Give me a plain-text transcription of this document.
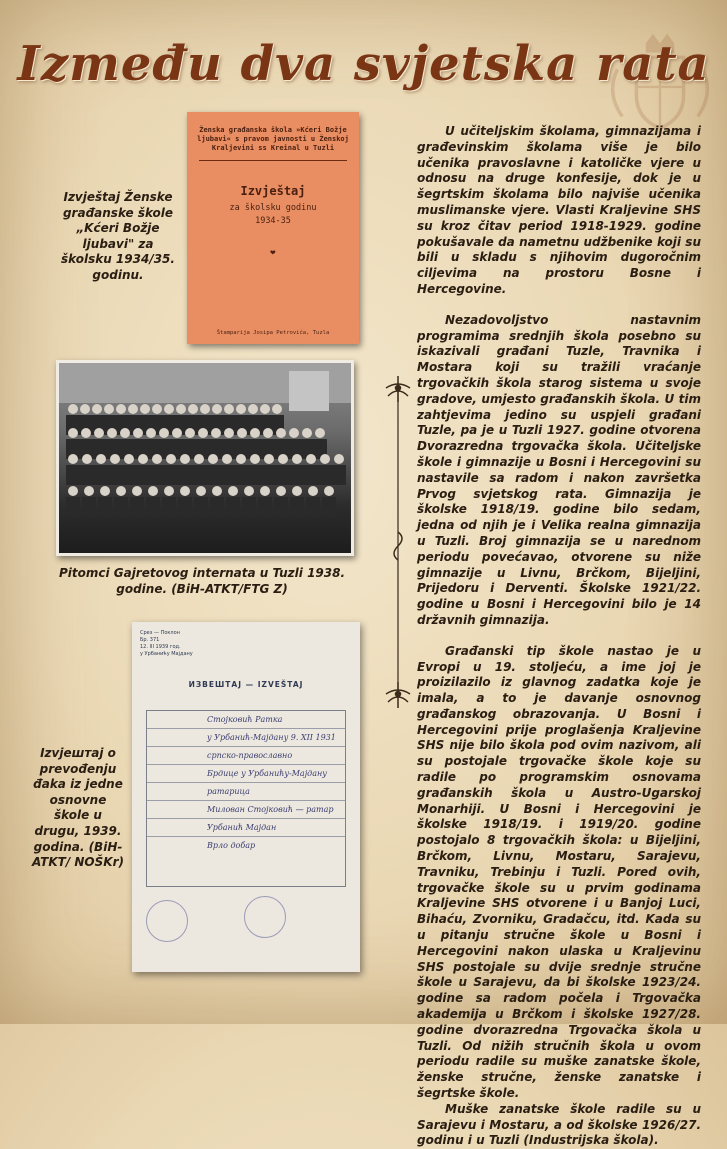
Između dva svjetska rata
Izvještaj Ženske građanske škole „Kćeri Božje ljubavi" za školsku 1934/35. godinu.
Ženska građanska škola »Kćeri Božje ljubavi« s pravom javnosti u Ženskoj Kraljevini ss Kreinal u Tuzli
Izvještaj
za školsku godinu
1934-35
❤
Štamparija Josipa Petrovića, Tuzla
Pitomci Gajretovog internata u Tuzli 1938. godine. (BiH-ATKT/FTG Z)
Izvjештaj o prevođenju đaka iz jedne osnovne škole u drugu, 1939. godina. (BiH-ATKT/ NOŠKr)
Срез — Поклон
Бр. 371
12. III 1939 год.
у Урбанићу Мајдану
ИЗВЕШТАЈ — IZVEŠTAJ
Стојковић Ратка
у Урбанић-Мајдану 9. XII 1931
српско-православно
Брдице у Урбанићу-Мајдану
ратарица
Милован Стојковић — ратар
Урбанић Мајдан
Врло добар

U učiteljskim školama, gimnazijama i građevinskim školama više je bilo učenika pravoslavne i katoličke vjere u odnosu na druge konfesije, dok je u šegrtskim školama bilo najviše učenika muslimanske vjere. Vlasti Kraljevine SHS su kroz čitav period 1918-1929. godine pokušavale da nametnu udžbenike koji su bili u skladu s njihovim dugoročnim ciljevima na prostoru Bosne i Hercegovine.

Nezadovoljstvo nastavnim programima srednjih škola posebno su iskazivali građani Tuzle, Travnika i Mostara koji su tražili vraćanje trgovačkih škola starog sistema u svoje gradove, umjesto građanskih škola. U tim zahtjevima jedino su uspjeli građani Tuzle, pa je u Tuzli 1927. godine otvorena Dvorazredna trgovačka škola. Učiteljske škole i gimnazije u Bosni i Hercegovini su nastavile sa radom i nakon završetka Prvog svjetskog rata. Gimnazija je školske 1918/19. godine bilo sedam, jedna od njih je i Velika realna gimnazija u Tuzli. Broj gimnazija se u narednom periodu povećavao, otvorene su niže gimnazije u Livnu, Brčkom, Bijeljini, Prijedoru i Derventi. Školske 1921/22. godine u Bosni i Hercegovini bilo je 14 državnih gimnazija.

Građanski tip škole nastao je u Evropi u 19. stoljeću, a ime joj je proizilazilo iz glavnog zadatka koje je imala, a to je davanje osnovnog građanskog obrazovanja. U Bosni i Hercegovini prije proglašenja Kraljevine SHS nije bilo škola pod ovim nazivom, ali su postojale trgovačke škole koje su radile po programskim osnovama građanskih škola u Austro-Ugarskoj Monarhiji. U Bosni i Hercegovini je školske 1918/19. i 1919/20. godine postojalo 8 trgovačkih škola: u Bijeljini, Brčkom, Livnu, Mostaru, Sarajevu, Travniku, Trebinju i Tuzli. Pored ovih, trgovačke škole su u prvim godinama Kraljevine SHS otvorene i u Banjoj Luci, Bihaću, Zvorniku, Gradačcu, itd. Kada su u pitanju stručne škole u Bosni i Hercegovini nakon ulaska u Kraljevinu SHS postojale su dvije srednje stručne škole u Sarajevu, da bi školske 1923/24. godine sa radom počela i Trgovačka akademija u Brčkom i školske 1927/28. godine dvorazredna Trgovačka škola u Tuzli. Od nižih stručnih škola u ovom periodu radile su muške zanatske škole, ženske stručne, ženske zanatske i šegrtske škole.

Muške zanatske škole radile su u Sarajevu i Mostaru, a od školske 1926/27. godinu i u Tuzli (Industrijska škola).
